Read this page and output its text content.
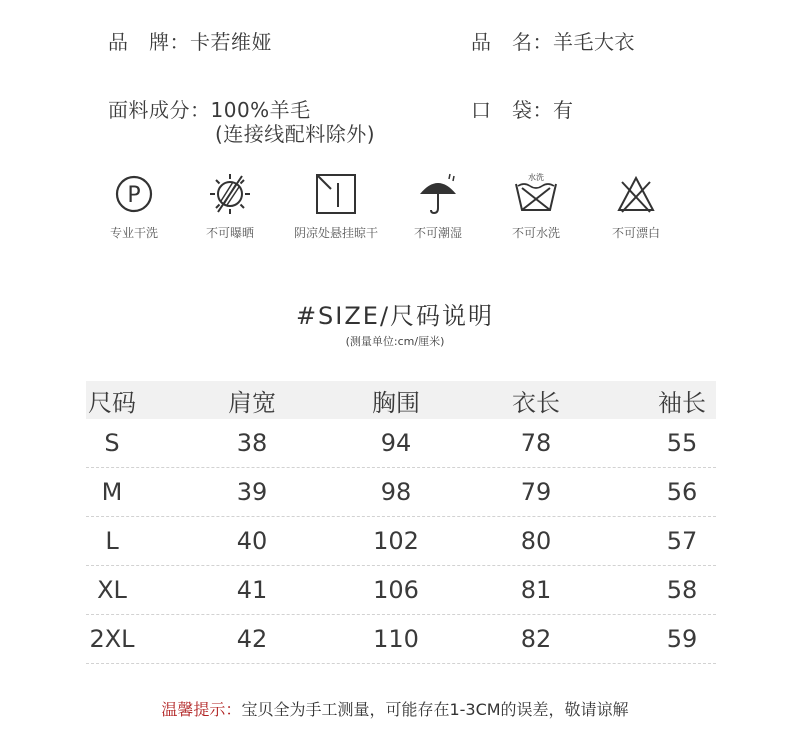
品　牌：卡若维娅	品　名：羊毛大衣
面料成分：100%羊毛
(连接线配料除外)
口　袋：有
P
专业干洗	不可曝晒	阴凉处悬挂晾干	不可潮湿
水洗
不可水洗	不可漂白
#SIZE/尺码说明
(测量单位:cm/厘米)
尺码	肩宽	胸围	衣长	袖长
S	38	94	78	55
M	39	98	79	56
L	40	102	80	57
XL	41	106	81	58
2XL	42	110	82	59
温馨提示：宝贝全为手工测量，可能存在1-3CM的误差，敬请谅解
